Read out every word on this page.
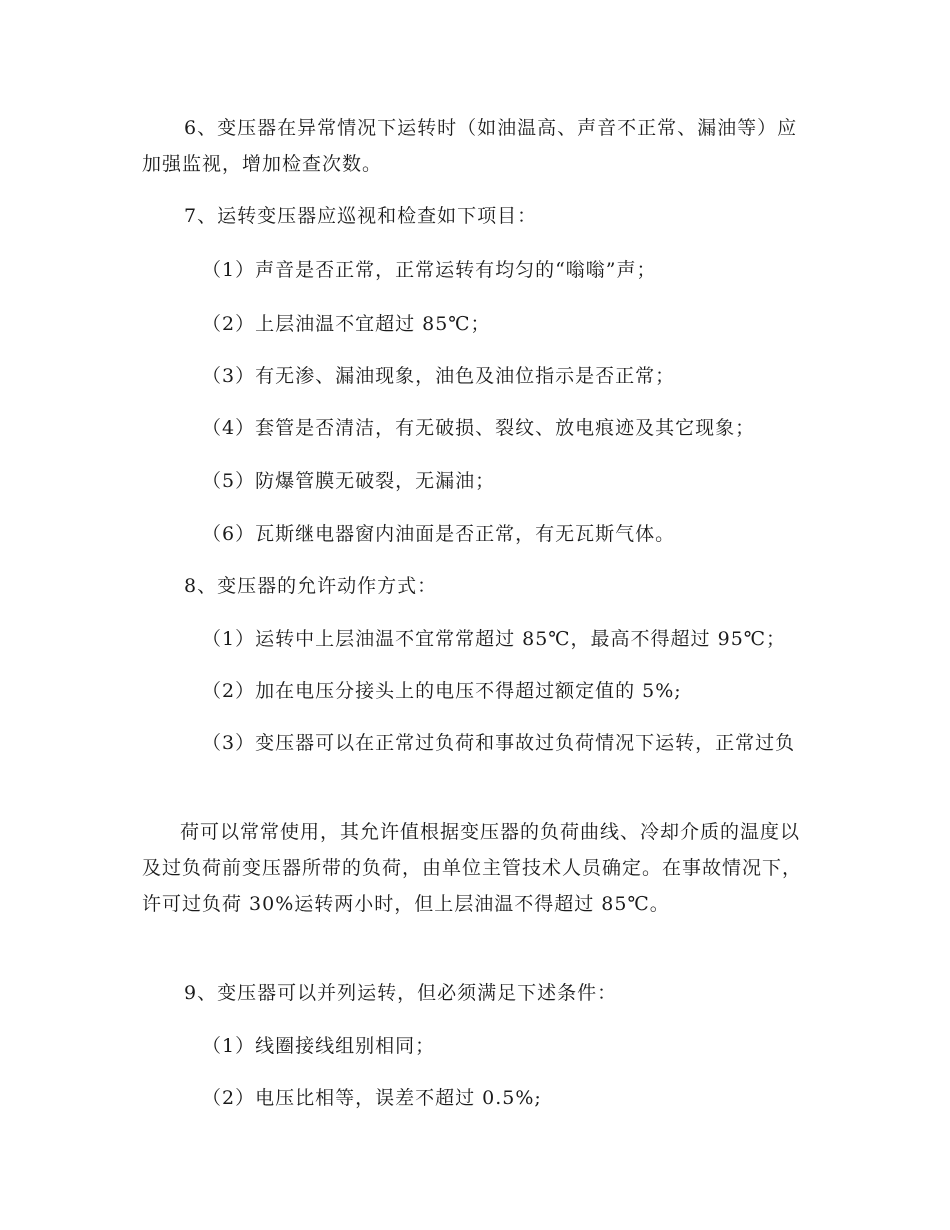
6、变压器在异常情况下运转时（如油温高、声音不正常、漏油等）应加强监视，增加检查次数。

7、运转变压器应巡视和检查如下项目：

（1）声音是否正常，正常运转有均匀的“嗡嗡”声；

（2）上层油温不宜超过 85℃；

（3）有无渗、漏油现象，油色及油位指示是否正常；

（4）套管是否清洁，有无破损、裂纹、放电痕迹及其它现象；

（5）防爆管膜无破裂，无漏油；

（6）瓦斯继电器窗内油面是否正常，有无瓦斯气体。

8、变压器的允许动作方式：

（1）运转中上层油温不宜常常超过 85℃，最高不得超过 95℃；

（2）加在电压分接头上的电压不得超过额定值的 5%;

（3）变压器可以在正常过负荷和事故过负荷情况下运转，正常过负

荷可以常常使用，其允许值根据变压器的负荷曲线、冷却介质的温度以及过负荷前变压器所带的负荷，由单位主管技术人员确定。在事故情况下，许可过负荷 30%运转两小时，但上层油温不得超过 85℃。

9、变压器可以并列运转，但必须满足下述条件：

（1）线圈接线组别相同；

（2）电压比相等，误差不超过 0.5%;
